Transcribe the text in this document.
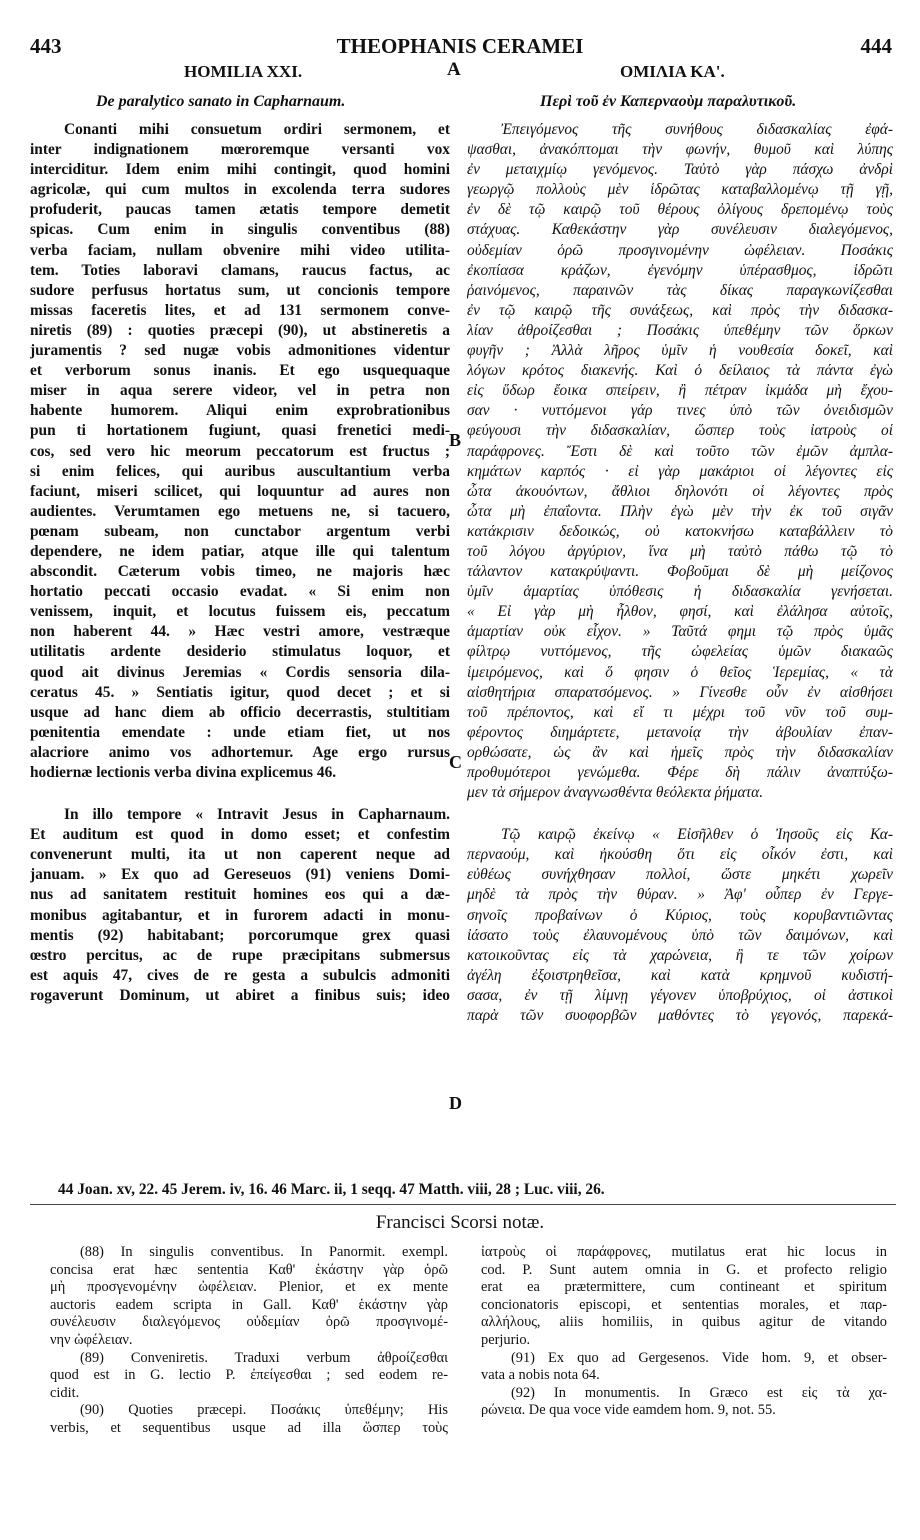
443	THEOPHANIS CERAMEI	444
HOMILIA XXI.	A	ΟΜΙΛΙΑ ΚΑ'.
De paralytico sanato in Capharnaum.	Περὶ τοῦ ἐν Καπερναοὺμ παραλυτικοῦ.
Conanti mihi consuetum ordiri sermonem, et
inter indignationem mœroremque versanti vox
interciditur. Idem enim mihi contingit, quod homini
agricolæ, qui cum multos in excolenda terra sudores
profuderit, paucas tamen ætatis tempore demetit
spicas. Cum enim in singulis conventibus (88)
verba faciam, nullam obvenire mihi video utilita-
tem. Toties laboravi clamans, raucus factus, ac
sudore perfusus hortatus sum, ut concionis tempore
missas faceretis lites, et ad 131 sermonem conve-
niretis (89) : quoties præcepi (90), ut abstineretis a
juramentis ? sed nugæ vobis admonitiones videntur
et verborum sonus inanis. Et ego usquequaque
miser in aqua serere videor, vel in petra non
habente humorem. Aliqui enim exprobrationibus
pun ti hortationem fugiunt, quasi frenetici medi-
cos, sed vero hic meorum peccatorum est fructus ;
si enim felices, qui auribus auscultantium verba
faciunt, miseri scilicet, qui loquuntur ad aures non
audientes. Verumtamen ego metuens ne, si tacuero,
pœnam subeam, non cunctabor argentum verbi
dependere, ne idem patiar, atque ille qui talentum
abscondit. Cæterum vobis timeo, ne majoris hæc
hortatio peccati occasio evadat. « Si enim non
venissem, inquit, et locutus fuissem eis, peccatum
non haberent 44. » Hæc vestri amore, vestræque
utilitatis ardente desiderio stimulatus loquor, et
quod ait divinus Jeremias « Cordis sensoria dila-
ceratus 45. » Sentiatis igitur, quod decet ; et si
usque ad hanc diem ab officio decerrastis, stultitiam
pœnitentia emendate : unde etiam fiet, ut nos
alacriore animo vos adhortemur. Age ergo rursus
hodiernæ lectionis verba divina explicemus 46.
In illo tempore « Intravit Jesus in Capharnaum.
Et auditum est quod in domo esset; et confestim
convenerunt multi, ita ut non caperent neque ad
januam. » Ex quo ad Gereseuos (91) veniens Domi-
nus ad sanitatem restituit homines eos qui a dæ-
monibus agitabantur, et in furorem adacti in monu-
mentis (92) habitabant; porcorumque grex quasi
œstro percitus, ac de rupe præcipitans submersus
est aquis 47, cives de re gesta a subulcis admoniti
rogaverunt Dominum, ut abiret a finibus suis; ideo
Ἐπειγόμενος τῆς συνήθους διδασκαλίας ἐφά-
ψασθαι, ἀνακόπτομαι τὴν φωνήν, θυμοῦ καὶ λύπης
ἐν μεταιχμίῳ γενόμενος. Ταὐτὸ γὰρ πάσχω ἀνδρὶ
γεωργῷ πολλοὺς μὲν ἱδρῶτας καταβαλλομένῳ τῇ γῇ,
ἐν δὲ τῷ καιρῷ τοῦ θέρους ὀλίγους δρεπομένῳ τοὺς
στάχυας. Καθεκάστην γὰρ συνέλευσιν διαλεγόμενος,
οὐδεμίαν ὁρῶ προσγινομένην ὠφέλειαν. Ποσάκις
ἐκοπίασα κράζων, ἐγενόμην ὑπέρασθμος, ἱδρῶτι
ῥαινόμενος, παραινῶν τὰς δίκας παραγκωνίζεσθαι
ἐν τῷ καιρῷ τῆς συνάξεως, καὶ πρὸς τὴν διδασκα-
λίαν ἀθροίζεσθαι ; Ποσάκις ὑπεθέμην τῶν ὅρκων
φυγῆν ; Ἀλλὰ λῆρος ὑμῖν ἡ νουθεσία δοκεῖ, καὶ
λόγων κρότος διακενής. Καὶ ὁ δείλαιος τὰ πάντα ἐγὼ
εἰς ὕδωρ ἔοικα σπείρειν, ἢ πέτραν ἰκμάδα μὴ ἔχου-
σαν · νυττόμενοι γάρ τινες ὑπὸ τῶν ὀνειδισμῶν
φεύγουσι τὴν διδασκαλίαν, ὥσπερ τοὺς ἰατροὺς οἱ
παράφρονες. Ἔστι δὲ καὶ τοῦτο τῶν ἐμῶν ἀμπλα-
κημάτων καρπός · εἰ γὰρ μακάριοι οἱ λέγοντες εἰς
ὦτα ἀκουόντων, ἄθλιοι δηλονότι οἱ λέγοντες πρὸς
ὦτα μὴ ἐπαΐοντα. Πλὴν ἐγὼ μὲν τὴν ἐκ τοῦ σιγᾶν
κατάκρισιν δεδοικώς, οὐ κατοκνήσω καταβάλλειν τὸ
τοῦ λόγου ἀργύριον, ἵνα μὴ ταὐτὸ πάθω τῷ τὸ
τάλαντον κατακρύψαντι. Φοβοῦμαι δὲ μὴ μείζονος
ὑμῖν ἁμαρτίας ὑπόθεσις ἡ διδασκαλία γενήσεται.
« Εἰ γὰρ μὴ ἦλθον, φησί, καὶ ἐλάλησα αὐτοῖς,
ἁμαρτίαν οὐκ εἶχον. » Ταῦτά φημι τῷ πρὸς ὑμᾶς
φίλτρῳ νυττόμενος, τῆς ὠφελείας ὑμῶν διακαῶς
ἱμειρόμενος, καὶ ὅ φησιν ὁ θεῖος Ἱερεμίας, « τὰ
αἰσθητήρια σπαρατσόμενος. » Γίνεσθε οὖν ἐν αἰσθήσει
τοῦ πρέποντος, καὶ εἴ τι μέχρι τοῦ νῦν τοῦ συμ-
φέροντος διημάρτετε, μετανοίᾳ τὴν ἀβουλίαν ἐπαν-
ορθώσατε, ὡς ἂν καὶ ἡμεῖς πρὸς τὴν διδασκαλίαν
προθυμότεροι γενώμεθα. Φέρε δὴ πάλιν ἀναπτύξω-
μεν τὰ σήμερον ἀναγνωσθέντα θεόλεκτα ῥήματα.
Τῷ καιρῷ ἐκείνῳ « Εἰσῆλθεν ὁ Ἰησοῦς εἰς Κα-
περναούμ, καὶ ἠκούσθη ὅτι εἰς οἶκόν ἐστι, καὶ
εὐθέως συνήχθησαν πολλοί, ὥστε μηκέτι χωρεῖν
μηδὲ τὰ πρὸς τὴν θύραν. » Ἀφ' οὗπερ ἐν Γεργε-
σηνοῖς προβαίνων ὁ Κύριος, τοὺς κορυβαντιῶντας
ἰάσατο τοὺς ἐλαυνομένους ὑπὸ τῶν δαιμόνων, καὶ
κατοικοῦντας εἰς τὰ χαρώνεια, ἢ τε τῶν χοίρων
ἀγέλη ἐξοιστρηθεῖσα, καὶ κατὰ κρημνοῦ κυδιστή-
σασα, ἐν τῇ λίμνῃ γέγονεν ὑποβρύχιος, οἱ ἀστικοὶ
παρὰ τῶν συοφορβῶν μαθόντες τὸ γεγονός, παρεκά-
B
C
D
44 Joan. xv, 22. 45 Jerem. iv, 16. 46 Marc. ii, 1 seqq. 47 Matth. viii, 28 ; Luc. viii, 26.
Francisci Scorsi notæ.
(88) In singulis conventibus. In Panormit. exempl.
concisa erat hæc sententia Καθ' ἑκάστην γὰρ ὁρῶ
μὴ προσγενομένην ὠφέλειαν. Plenior, et ex mente
auctoris eadem scripta in Gall. Καθ' ἑκάστην γὰρ
συνέλευσιν διαλεγόμενος οὐδεμίαν ὁρῶ προσγινομέ-
νην ὠφέλειαν.
(89) Conveniretis. Traduxi verbum ἀθροίζεσθαι
quod est in G. lectio P. ἐπείγεσθαι ; sed eodem re-
cidit.
(90) Quoties præcepi. Ποσάκις ὑπεθέμην; His
verbis, et sequentibus usque ad illa ὥσπερ τοὺς
ἰατροὺς οἱ παράφρονες, mutilatus erat hic locus in
cod. P. Sunt autem omnia in G. et profecto religio
erat ea prætermittere, cum contineant et spiritum
concionatoris episcopi, et sententias morales, et παρ-
αλλήλους, aliis homiliis, in quibus agitur de vitando
perjurio.
(91) Ex quo ad Gergesenos. Vide hom. 9, et obser-
vata a nobis nota 64.
(92) In monumentis. In Græco est εἰς τὰ χα-
ρώνεια. De qua voce vide eamdem hom. 9, not. 55.
